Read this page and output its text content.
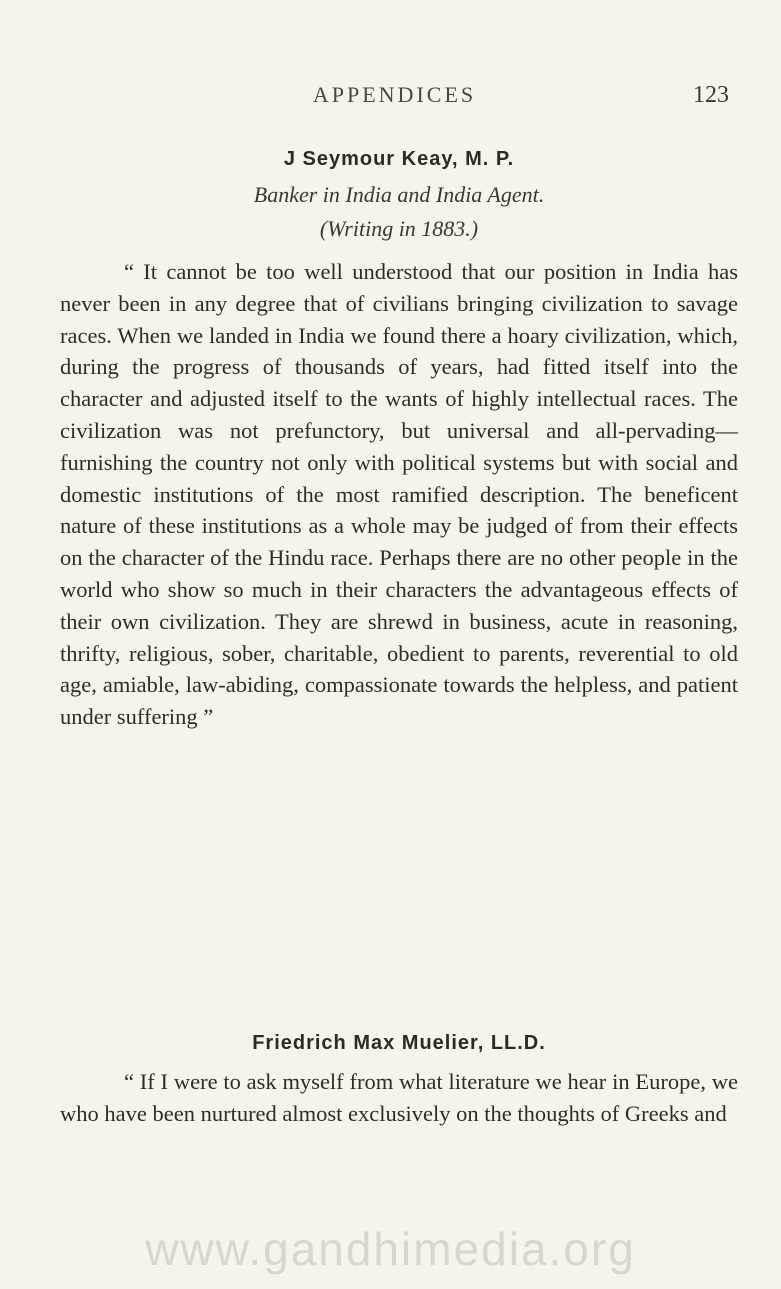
APPENDICES	123
J Seymour Keay, M. P.
Banker in India and India Agent.
(Writing in 1883.)

“ It cannot be too well understood that our position in India has never been in any degree that of civilians bringing civilization to savage races. When we landed in India we found there a hoary civilization, which, during the progress of thousands of years, had fitted itself into the character and adjusted itself to the wants of highly intellectual races. The civilization was not prefunctory, but universal and all-pervading—furnishing the country not only with political systems but with social and domestic institutions of the most ramified description. The beneficent nature of these institutions as a whole may be judged of from their effects on the character of the Hindu race. Perhaps there are no other people in the world who show so much in their characters the advantageous effects of their own civilization. They are shrewd in business, acute in reasoning, thrifty, religious, sober, charitable, obedient to parents, reverential to old age, amiable, law-abiding, compassionate towards the helpless, and patient under suffering ”

Friedrich Max Muelier, LL.D.

“ If I were to ask myself from what literature we hear in Europe, we who have been nurtured almost exclusively on the thoughts of Greeks and

www.gandhimedia.org
